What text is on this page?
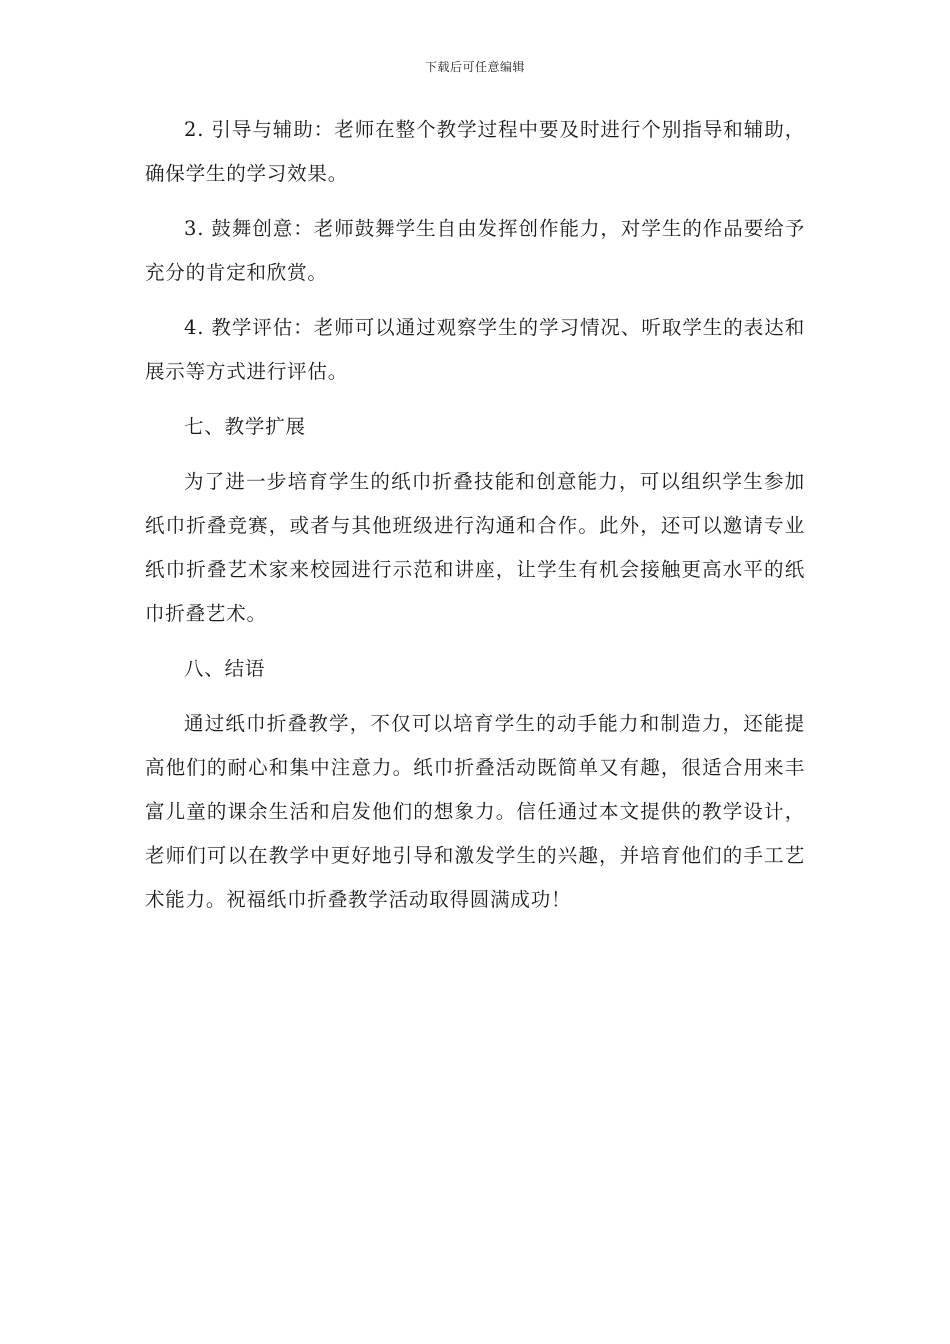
下载后可任意编辑

2. 引导与辅助：老师在整个教学过程中要及时进行个别指导和辅助，确保学生的学习效果。

3. 鼓舞创意：老师鼓舞学生自由发挥创作能力，对学生的作品要给予充分的肯定和欣赏。

4. 教学评估：老师可以通过观察学生的学习情况、听取学生的表达和展示等方式进行评估。

七、教学扩展

为了进一步培育学生的纸巾折叠技能和创意能力，可以组织学生参加纸巾折叠竞赛，或者与其他班级进行沟通和合作。此外，还可以邀请专业纸巾折叠艺术家来校园进行示范和讲座，让学生有机会接触更高水平的纸巾折叠艺术。

八、结语

通过纸巾折叠教学，不仅可以培育学生的动手能力和制造力，还能提高他们的耐心和集中注意力。纸巾折叠活动既简单又有趣，很适合用来丰富儿童的课余生活和启发他们的想象力。信任通过本文提供的教学设计，老师们可以在教学中更好地引导和激发学生的兴趣，并培育他们的手工艺术能力。祝福纸巾折叠教学活动取得圆满成功！
